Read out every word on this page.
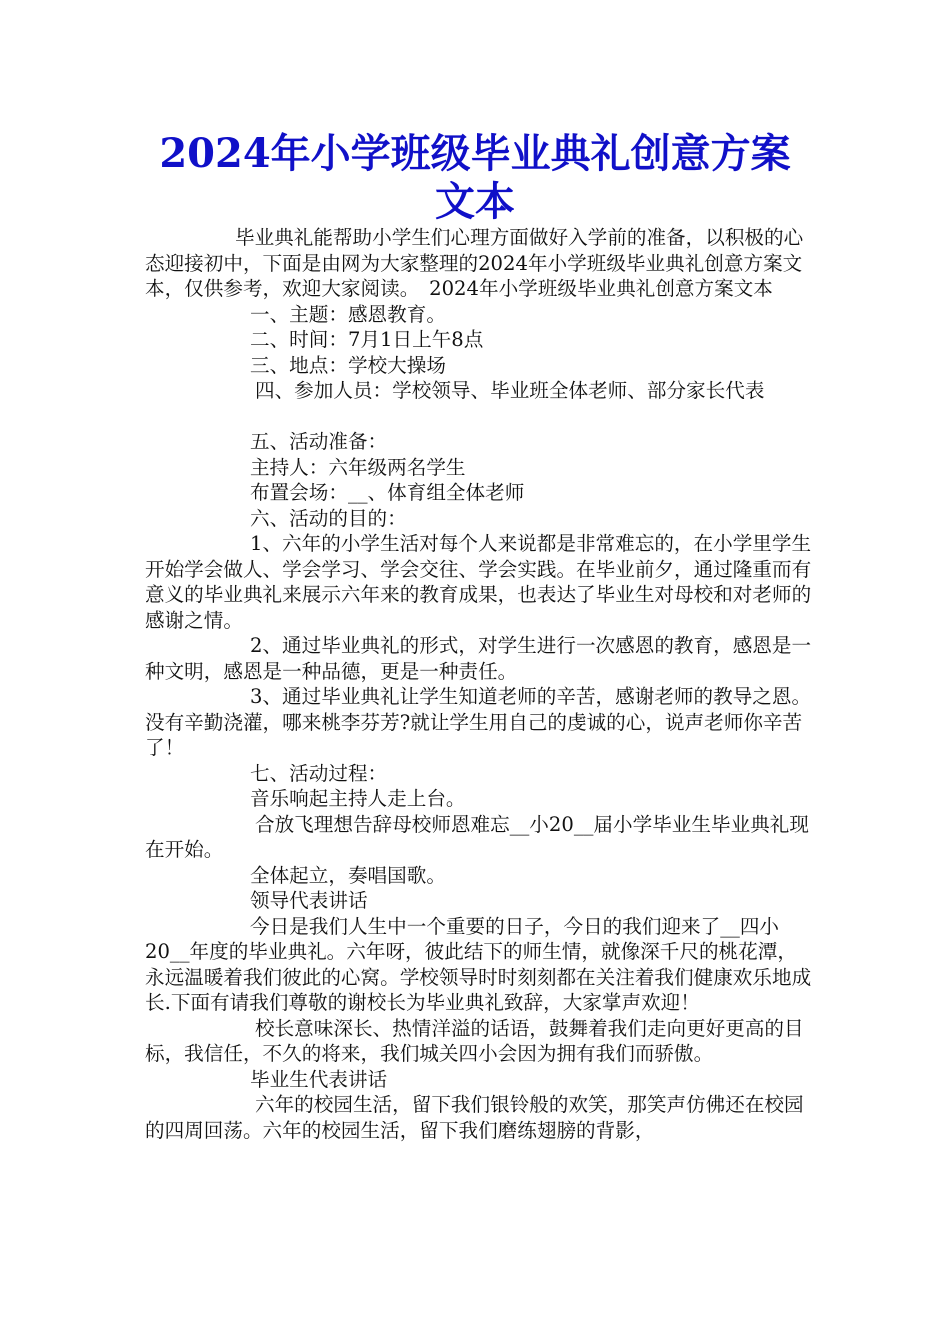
2024年小学班级毕业典礼创意方案
文本

毕业典礼能帮助小学生们心理方面做好入学前的准备，以积极的心态迎接初中，下面是由网为大家整理的2024年小学班级毕业典礼创意方案文本，仅供参考，欢迎大家阅读。　2024年小学班级毕业典礼创意方案文本

一、主题：感恩教育。

二、时间：7月1日上午8点

三、地点：学校大操场

四、参加人员：学校领导、毕业班全体老师、部分家长代表

五、活动准备：

主持人：六年级两名学生

布置会场：__、体育组全体老师

六、活动的目的：

1、六年的小学生活对每个人来说都是非常难忘的，在小学里学生开始学会做人、学会学习、学会交往、学会实践。在毕业前夕，通过隆重而有意义的毕业典礼来展示六年来的教育成果，也表达了毕业生对母校和对老师的感谢之情。

2、通过毕业典礼的形式，对学生进行一次感恩的教育，感恩是一种文明，感恩是一种品德，更是一种责任。

3、通过毕业典礼让学生知道老师的辛苦，感谢老师的教导之恩。没有辛勤浇灌，哪来桃李芬芳?就让学生用自己的虔诚的心，说声老师你辛苦了！

七、活动过程：

音乐响起主持人走上台。

合放飞理想告辞母校师恩难忘__小20__届小学毕业生毕业典礼现在开始。

全体起立，奏唱国歌。

领导代表讲话

今日是我们人生中一个重要的日子，今日的我们迎来了__四小20__年度的毕业典礼。六年呀，彼此结下的师生情，就像深千尺的桃花潭，永远温暖着我们彼此的心窝。学校领导时时刻刻都在关注着我们健康欢乐地成长.下面有请我们尊敬的谢校长为毕业典礼致辞，大家掌声欢迎！

校长意味深长、热情洋溢的话语，鼓舞着我们走向更好更高的目标，我信任，不久的将来，我们城关四小会因为拥有我们而骄傲。

毕业生代表讲话

六年的校园生活，留下我们银铃般的欢笑，那笑声仿佛还在校园的四周回荡。六年的校园生活，留下我们磨练翅膀的背影，
